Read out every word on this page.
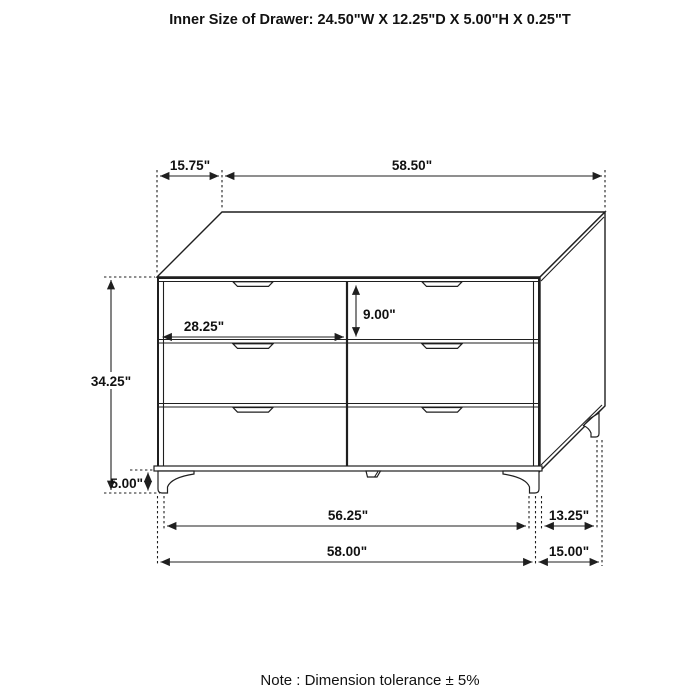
Inner Size of Drawer: 24.50"W X 12.25"D X 5.00"H X 0.25"T
15.75"	58.50"
34.25"
5.00"
28.25"
9.00"
56.25"	13.25"
58.00"	15.00"
Note : Dimension tolerance ± 5%
